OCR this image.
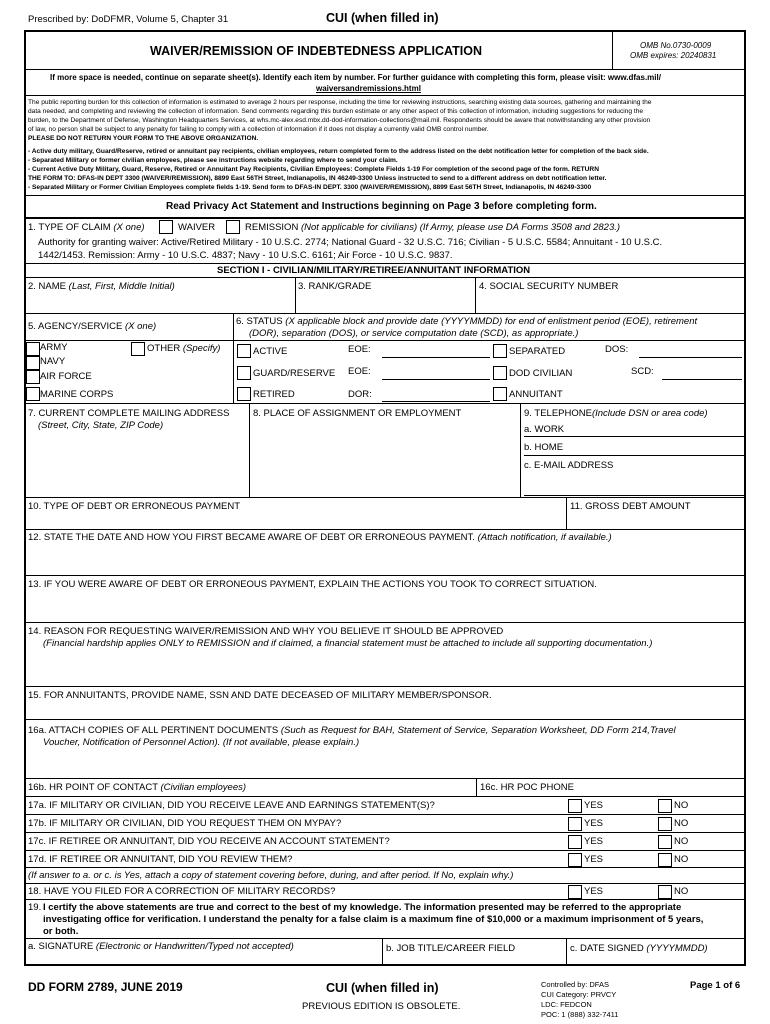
Prescribed by: DoDFMR, Volume 5, Chapter 31	CUI (when filled in)
WAIVER/REMISSION OF INDEBTEDNESS APPLICATION	OMB No.0730-0009
OMB expires: 20240831
If more space is needed, continue on separate sheet(s). Identify each item by number. For further guidance with completing this form, please visit: www.dfas.mil/
waiversandremissions.html
The public reporting burden for this collection of information is estimated to average 2 hours per response, including the time for reviewing instructions, searching existing data sources, gathering and maintaining the
data needed, and completing and reviewing the collection of information. Send comments regarding this burden estimate or any other aspect of this collection of information, including suggestions for reducing the
burden, to the Department of Defense, Washington Headquarters Services, at whs.mc-alex.esd.mbx.dd-dod-information-collections@mail.mil. Respondents should be aware that notwithstanding any other provision
of law, no person shall be subject to any penalty for failing to comply with a collection of information if it does not display a currently valid OMB control number.
PLEASE DO NOT RETURN YOUR FORM TO THE ABOVE ORGANIZATION.
- Active duty military, Guard/Reserve, retired or annuitant pay recipients, civilian employees, return completed form to the address listed on the debt notification letter for completion of the back side.
- Separated Military or former civilian employees, please see instructions website regarding where to send your claim.
- Current Active Duty Military, Guard, Reserve, Retired or Annuitant Pay Recipients, Civilian Employees: Complete Fields 1-19 For completion of the second page of the form. RETURN
THE FORM TO: DFAS-IN DEPT 3300 (WAIVER/REMISSION), 8899 East 56TH Street, Indianapolis, IN 46249-3300 Unless instructed to send to a different address on debt notification letter.
- Separated Military or Former Civilian Employees complete fields 1-19. Send form to DFAS-IN DEPT. 3300 (WAIVER/REMISSION), 8899 East 56TH Street, Indianapolis, IN 46249-3300
Read Privacy Act Statement and Instructions beginning on Page 3 before completing form.
1. TYPE OF CLAIM (X one)	WAIVER	REMISSION (Not applicable for civilians) (If Army, please use DA Forms 3508 and 2823.)
Authority for granting waiver: Active/Retired Military - 10 U.S.C. 2774; National Guard - 32 U.S.C. 716; Civilian - 5 U.S.C. 5584; Annuitant - 10 U.S.C.
1442/1453. Remission: Army - 10 U.S.C. 4837; Navy - 10 U.S.C. 6161; Air Force - 10 U.S.C. 9837.
SECTION I - CIVILIAN/MILITARY/RETIREE/ANNUITANT INFORMATION
2. NAME (Last, First, Middle Initial)	3. RANK/GRADE	4. SOCIAL SECURITY NUMBER
5. AGENCY/SERVICE (X one)
ARMY
NAVY
AIR FORCE
MARINE CORPS
OTHER (Specify)
6. STATUS (X applicable block and provide date (YYYYMMDD) for end of enlistment period (EOE), retirement
(DOR), separation (DOS), or service computation date (SCD), as appropriate.)
ACTIVE	EOE:	SEPARATED	DOS:
GUARD/RESERVE EOE:	DOD CIVILIAN	SCD:
RETIRED	DOR:	ANNUITANT
7. CURRENT COMPLETE MAILING ADDRESS
(Street, City, State, ZIP Code)
8. PLACE OF ASSIGNMENT OR EMPLOYMENT	9. TELEPHONE(Include DSN or area code)
a. WORK
b. HOME
c. E-MAIL ADDRESS
10. TYPE OF DEBT OR ERRONEOUS PAYMENT	11. GROSS DEBT AMOUNT
12. STATE THE DATE AND HOW YOU FIRST BECAME AWARE OF DEBT OR ERRONEOUS PAYMENT. (Attach notification, if available.)
13. IF YOU WERE AWARE OF DEBT OR ERRONEOUS PAYMENT, EXPLAIN THE ACTIONS YOU TOOK TO CORRECT SITUATION.
14. REASON FOR REQUESTING WAIVER/REMISSION AND WHY YOU BELIEVE IT SHOULD BE APPROVED
(Financial hardship applies ONLY to REMISSION and if claimed, a financial statement must be attached to include all supporting documentation.)
15. FOR ANNUITANTS, PROVIDE NAME, SSN AND DATE DECEASED OF MILITARY MEMBER/SPONSOR.
16a. ATTACH COPIES OF ALL PERTINENT DOCUMENTS (Such as Request for BAH, Statement of Service, Separation Worksheet, DD Form 214,Travel
Voucher, Notification of Personnel Action). (If not available, please explain.)
16b. HR POINT OF CONTACT (Civilian employees)	16c. HR POC PHONE
17a. IF MILITARY OR CIVILIAN, DID YOU RECEIVE LEAVE AND EARNINGS STATEMENT(S)?	YES	NO
17b. IF MILITARY OR CIVILIAN, DID YOU REQUEST THEM ON MYPAY?	YES	NO
17c. IF RETIREE OR ANNUITANT, DID YOU RECEIVE AN ACCOUNT STATEMENT?	YES	NO
17d. IF RETIREE OR ANNUITANT, DID YOU REVIEW THEM?	YES	NO
(If answer to a. or c. is Yes, attach a copy of statement covering before, during, and after period. If No, explain why.)
18. HAVE YOU FILED FOR A CORRECTION OF MILITARY RECORDS?	YES	NO
19. I certify the above statements are true and correct to the best of my knowledge. The information presented may be referred to the appropriate
investigating office for verification. I understand the penalty for a false claim is a maximum fine of $10,000 or a maximum imprisonment of 5 years,
or both.
a. SIGNATURE (Electronic or Handwritten/Typed not accepted)	b. JOB TITLE/CAREER FIELD	c. DATE SIGNED (YYYYMMDD)
DD FORM 2789, JUNE 2019	CUI (when filled in)
PREVIOUS EDITION IS OBSOLETE.
Controlled by: DFAS
CUI Category: PRVCY
LDC: FEDCON
POC: 1 (888) 332-7411
Page 1 of 6
